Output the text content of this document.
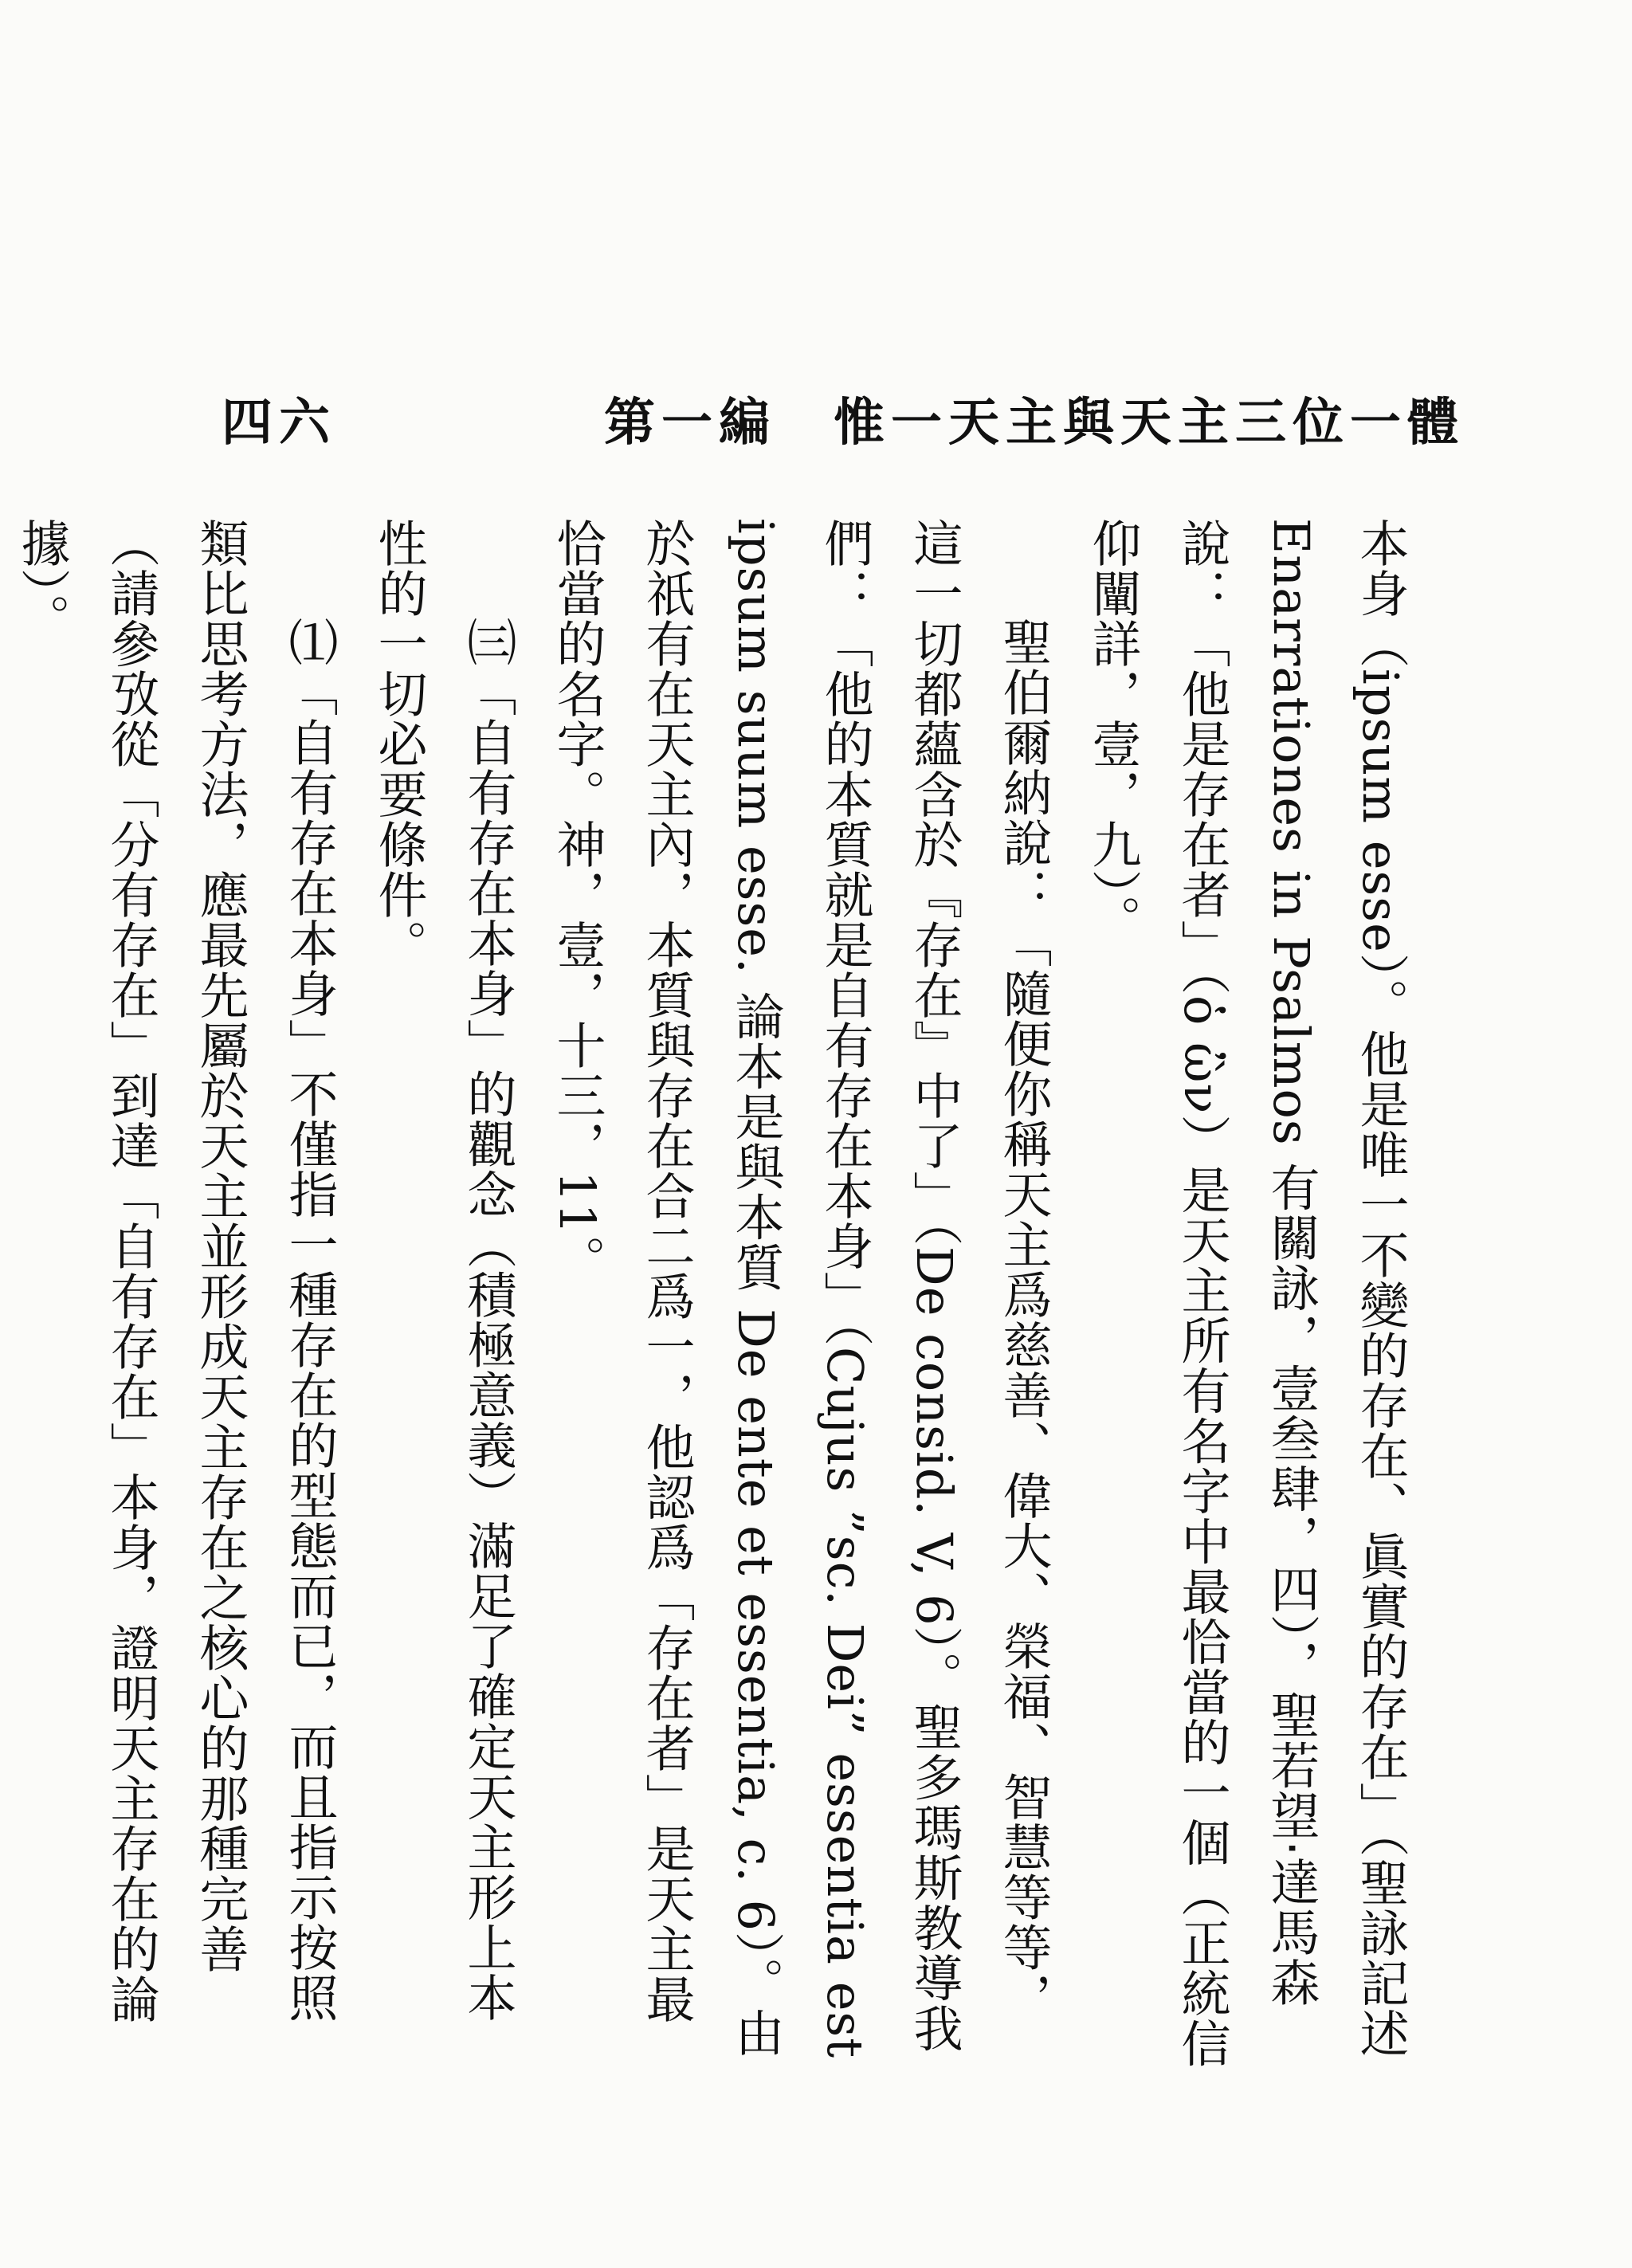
四六	第一編　惟一天主與天主三位一體

本身（ipsum esse）。他是唯一不變的存在、眞實的存在」（聖詠記述 Enarrationes in Psalmos 有關詠，壹叁肆，四），聖若望‧達馬森說：「他是存在者」（ὁ ὢν）是天主所有名字中最恰當的一個（正統信仰闡詳，壹，九）。

聖伯爾納說：「隨便你稱天主爲慈善、偉大、榮福、智慧等等，這一切都蘊含於『存在』中了」（De consid. V, 6）。聖多瑪斯教導我們：「他的本質就是自有存在本身」（Cujus ”sc. Dei” essentia est ipsum suum esse. 論本是與本質 De ente et essentia, c. 6）。由於祇有在天主內，本質與存在合二爲一，他認爲「存在者」是天主最恰當的名字。神，壹，十三，11。

㈢「自有存在本身」的觀念（積極意義）滿足了確定天主形上本性的一切必要條件。

⑴「自有存在本身」不僅指一種存在的型態而已，而且指示按照類比思考方法，應最先屬於天主並形成天主存在之核心的那種完善（請參攷從「分有存在」到達「自有存在」本身，證明天主存在的論據）。
